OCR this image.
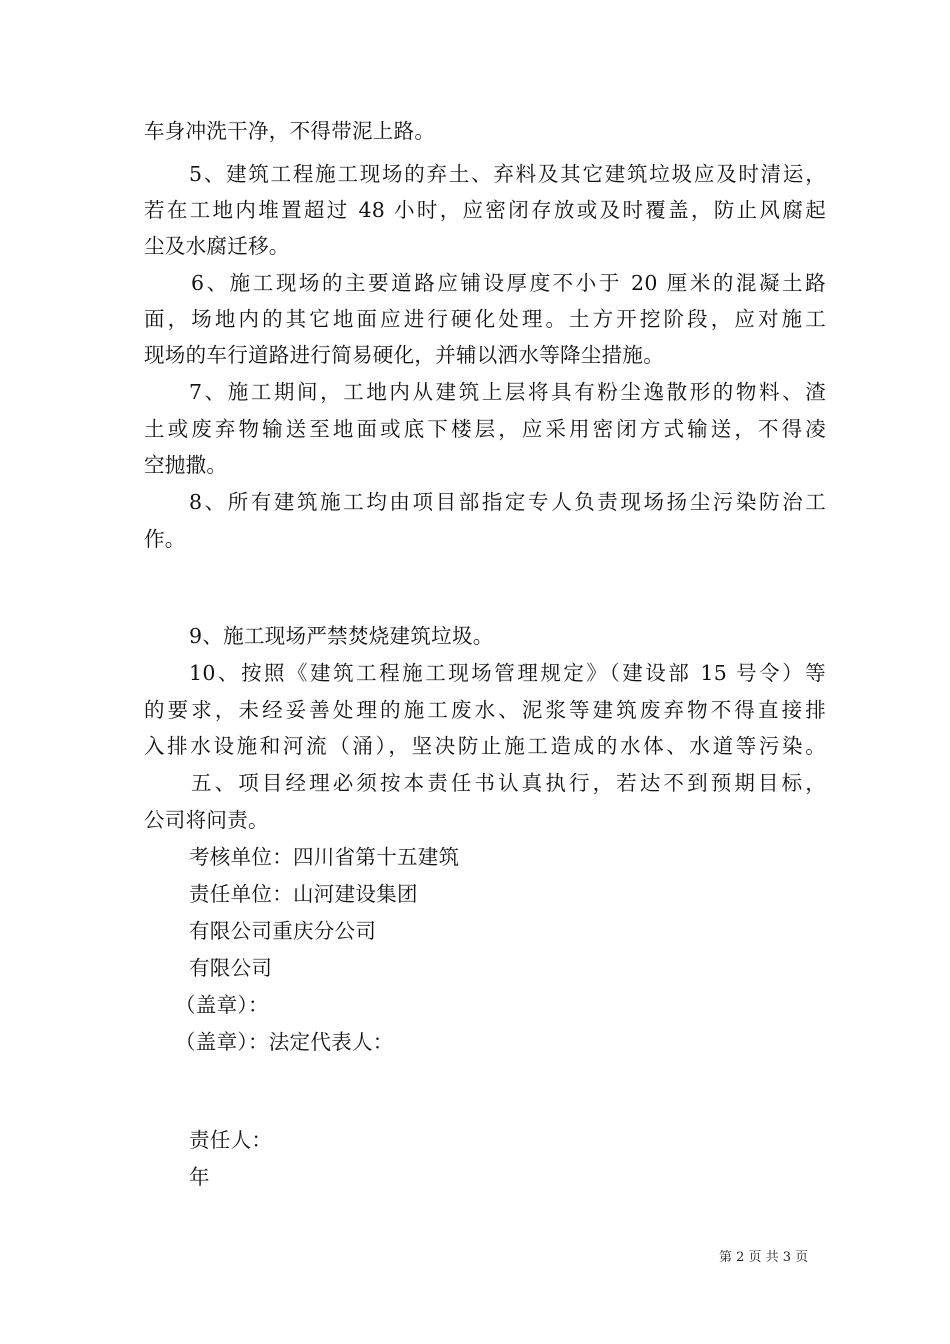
车身冲洗干净，不得带泥上路。
5、建筑工程施工现场的弃土、弃料及其它建筑垃圾应及时清运，
若在工地内堆置超过 48 小时，应密闭存放或及时覆盖，防止风腐起
尘及水腐迁移。
6、施工现场的主要道路应铺设厚度不小于 20 厘米的混凝土路
面，场地内的其它地面应进行硬化处理。土方开挖阶段，应对施工
现场的车行道路进行简易硬化，并辅以洒水等降尘措施。
7、施工期间，工地内从建筑上层将具有粉尘逸散形的物料、渣
土或废弃物输送至地面或底下楼层，应采用密闭方式输送，不得凌
空抛撒。
8、所有建筑施工均由项目部指定专人负责现场扬尘污染防治工
作。
9、施工现场严禁焚烧建筑垃圾。
10、按照《建筑工程施工现场管理规定》（建设部 15 号令）等
的要求，未经妥善处理的施工废水、泥浆等建筑废弃物不得直接排
入排水设施和河流（涌），坚决防止施工造成的水体、水道等污染。
五、项目经理必须按本责任书认真执行，若达不到预期目标，
公司将问责。
考核单位：四川省第十五建筑
责任单位：山河建设集团
有限公司重庆分公司
有限公司
（盖章）：
（盖章）：法定代表人：
责任人：
年
第 2 页 共 3 页
